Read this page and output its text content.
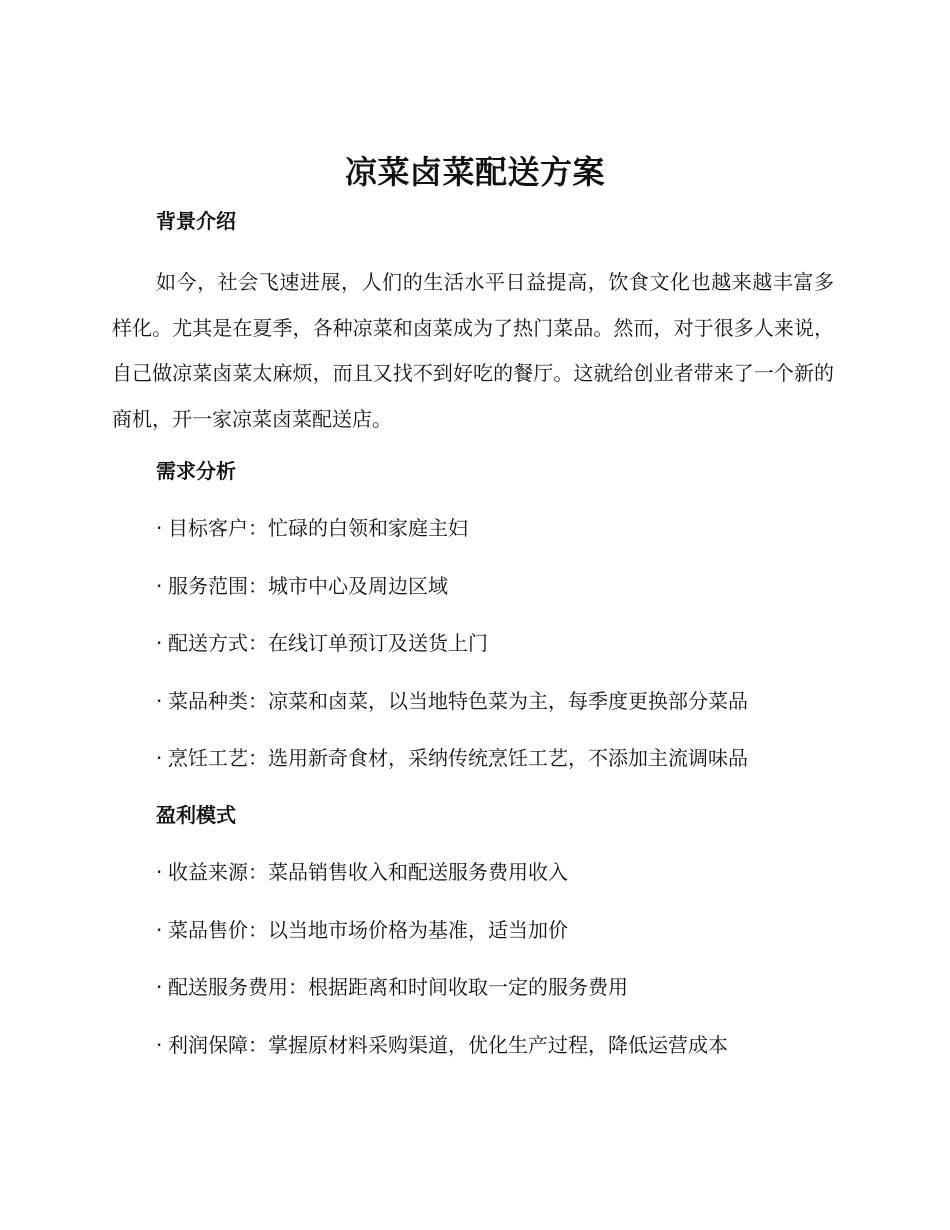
凉菜卤菜配送方案
背景介绍

如今，社会飞速进展，人们的生活水平日益提高，饮食文化也越来越丰富多样化。尤其是在夏季，各种凉菜和卤菜成为了热门菜品。然而，对于很多人来说，自己做凉菜卤菜太麻烦，而且又找不到好吃的餐厅。这就给创业者带来了一个新的商机，开一家凉菜卤菜配送店。

需求分析
· 目标客户：忙碌的白领和家庭主妇
· 服务范围：城市中心及周边区域
· 配送方式：在线订单预订及送货上门
· 菜品种类：凉菜和卤菜，以当地特色菜为主，每季度更换部分菜品
· 烹饪工艺：选用新奇食材，采纳传统烹饪工艺，不添加主流调味品
盈利模式
· 收益来源：菜品销售收入和配送服务费用收入
· 菜品售价：以当地市场价格为基准，适当加价
· 配送服务费用：根据距离和时间收取一定的服务费用
· 利润保障：掌握原材料采购渠道，优化生产过程，降低运营成本
